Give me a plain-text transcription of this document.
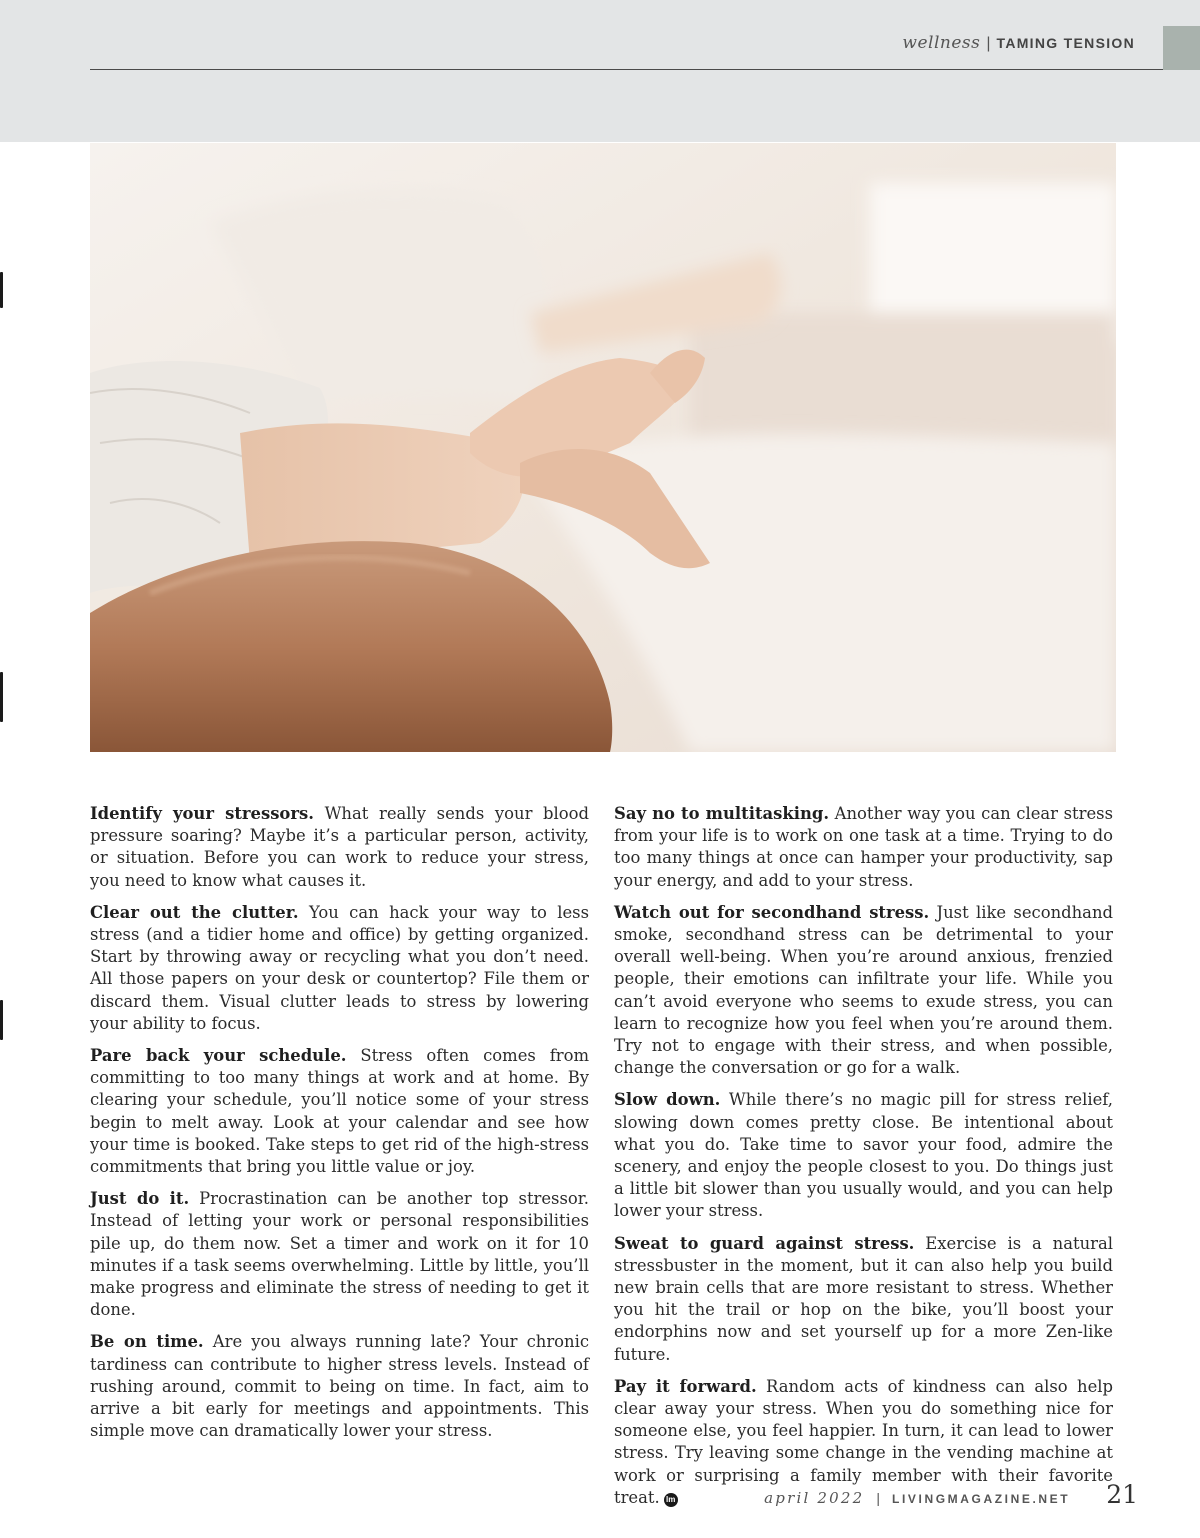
wellness | TAMING TENSION

Identify your stressors. What really sends your blood pressure soaring? Maybe it’s a particular person, activity, or situation. Before you can work to reduce your stress, you need to know what causes it.

Clear out the clutter. You can hack your way to less stress (and a tidier home and office) by getting organized. Start by throwing away or recycling what you don’t need. All those papers on your desk or countertop? File them or discard them. Visual clutter leads to stress by lowering your ability to focus.

Pare back your schedule. Stress often comes from committing to too many things at work and at home. By clearing your schedule, you’ll notice some of your stress begin to melt away. Look at your calendar and see how your time is booked. Take steps to get rid of the high-stress commitments that bring you little value or joy.

Just do it. Procrastination can be another top stressor. Instead of letting your work or personal responsibilities pile up, do them now. Set a timer and work on it for 10 minutes if a task seems overwhelming. Little by little, you’ll make progress and eliminate the stress of needing to get it done.

Be on time. Are you always running late? Your chronic tardiness can contribute to higher stress levels. Instead of rushing around, commit to being on time. In fact, aim to arrive a bit early for meetings and appointments. This simple move can dramatically lower your stress.

Say no to multitasking. Another way you can clear stress from your life is to work on one task at a time. Trying to do too many things at once can hamper your productivity, sap your energy, and add to your stress.

Watch out for secondhand stress. Just like secondhand smoke, secondhand stress can be detrimental to your overall well-being. When you’re around anxious, frenzied people, their emotions can infiltrate your life. While you can’t avoid everyone who seems to exude stress, you can learn to recognize how you feel when you’re around them. Try not to engage with their stress, and when possible, change the conversation or go for a walk.

Slow down. While there’s no magic pill for stress relief, slowing down comes pretty close. Be intentional about what you do. Take time to savor your food, admire the scenery, and enjoy the people closest to you. Do things just a little bit slower than you usually would, and you can help lower your stress.

Sweat to guard against stress. Exercise is a natural stressbuster in the moment, but it can also help you build new brain cells that are more resistant to stress. Whether you hit the trail or hop on the bike, you’ll boost your endorphins now and set yourself up for a more Zen-like future.

Pay it forward. Random acts of kindness can also help clear away your stress. When you do something nice for someone else, you feel happier. In turn, it can lead to lower stress. Try leaving some change in the vending machine at work or surprising a family member with their favorite treat. lm	april 2022 | LIVINGMAGAZINE.NET 21
